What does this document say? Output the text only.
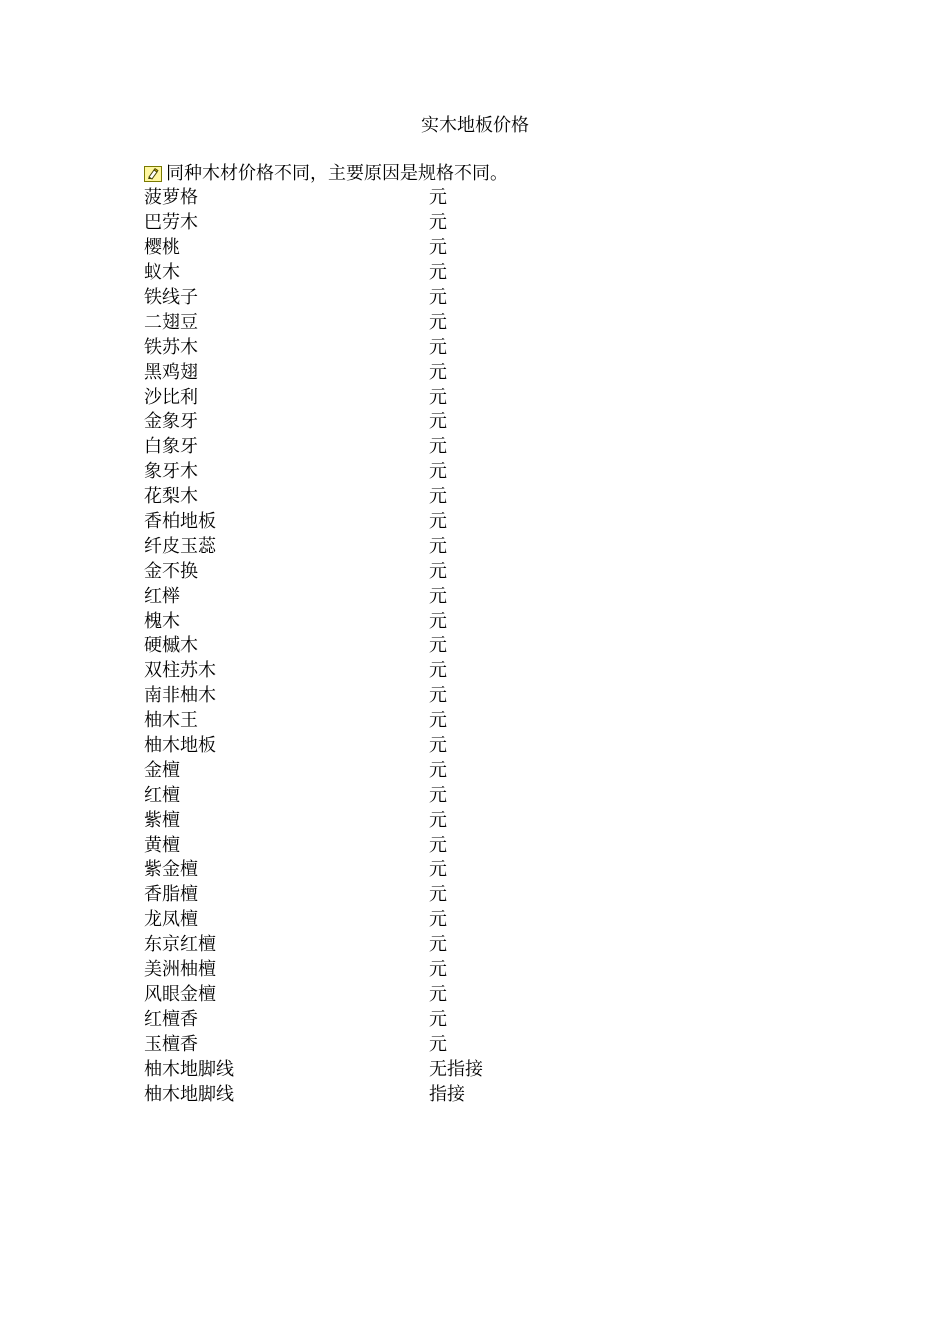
实木地板价格
同种木材价格不同，主要原因是规格不同。
菠萝格	元
巴劳木	元
樱桃	元
蚁木	元
铁线子	元
二翅豆	元
铁苏木	元
黑鸡翅	元
沙比利	元
金象牙	元
白象牙	元
象牙木	元
花梨木	元
香柏地板	元
纤皮玉蕊	元
金不换	元
红榉	元
槐木	元
硬槭木	元
双柱苏木	元
南非柚木	元
柚木王	元
柚木地板	元
金檀	元
红檀	元
紫檀	元
黄檀	元
紫金檀	元
香脂檀	元
龙凤檀	元
东京红檀	元
美洲柚檀	元
风眼金檀	元
红檀香	元
玉檀香	元
柚木地脚线	无指接
柚木地脚线	指接
